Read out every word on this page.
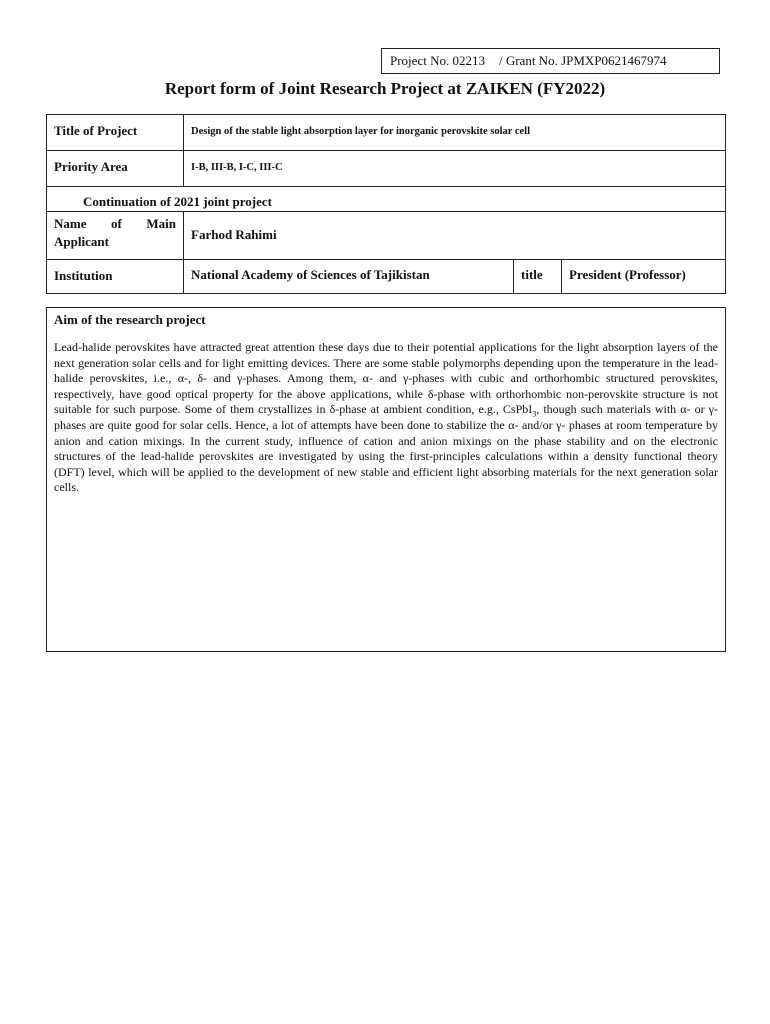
Project No. 02213 / Grant No. JPMXP0621467974
Report form of Joint Research Project at ZAIKEN (FY2022)
Title of Project	Design of the stable light absorption layer for inorganic perovskite solar cell
Priority Area	I-B, III-B, I-C, III-C
Continuation of 2021 joint project
Name of Main
Applicant	Farhod Rahimi
Institution	National Academy of Sciences of Tajikistan	title	President (Professor)

Aim of the research project

Lead-halide perovskites have attracted great attention these days due to their potential applications for the light absorption layers of the next generation solar cells and for light emitting devices. There are some stable polymorphs depending upon the temperature in the lead-halide perovskites, i.e., α-, δ- and γ-phases. Among them, α- and γ-phases with cubic and orthorhombic structured perovskites, respectively, have good optical property for the above applications, while δ-phase with orthorhombic non-perovskite structure is not suitable for such purpose. Some of them crystallizes in δ-phase at ambient condition, e.g., CsPbI$_3$, though such materials with α- or γ-phases are quite good for solar cells. Hence, a lot of attempts have been done to stabilize the α- and/or γ- phases at room temperature by anion and cation mixings. In the current study, influence of cation and anion mixings on the phase stability and on the electronic structures of the lead-halide perovskites are investigated by using the first-principles calculations within a density functional theory (DFT) level, which will be applied to the development of new stable and efficient light absorbing materials for the next generation solar cells.
